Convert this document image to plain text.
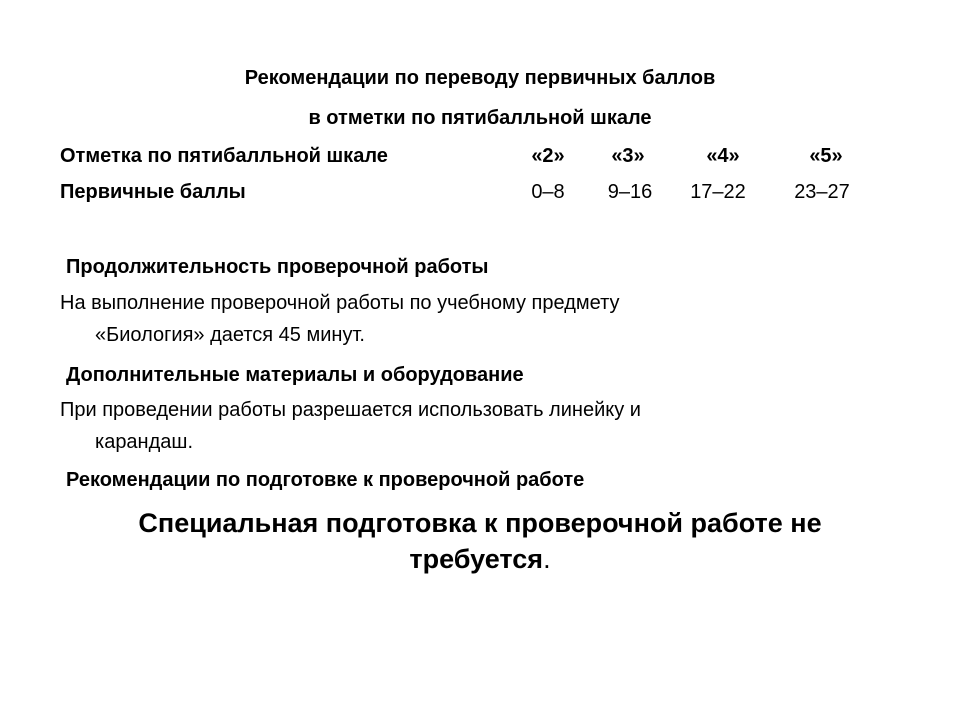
Рекомендации по переводу первичных баллов
в отметки по пятибалльной шкале
Отметка по пятибалльной шкале	«2»	«3»	«4»	«5»
Первичные баллы	0–8	9–16	17–22	23–27
Продолжительность проверочной работы
На выполнение проверочной работы по учебному предмету
«Биология» дается 45 минут.
Дополнительные материалы и оборудование
При проведении работы разрешается использовать линейку и
карандаш.
Рекомендации по подготовке к проверочной работе
Специальная подготовка к проверочной работе не
требуется.
